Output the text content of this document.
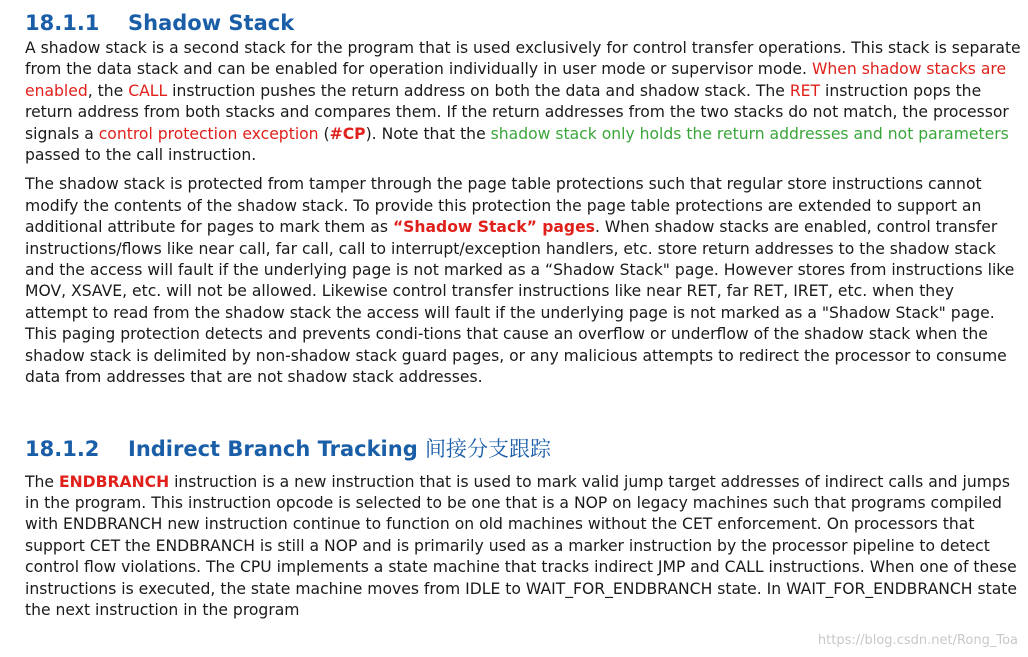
18.1.1 Shadow Stack

A shadow stack is a second stack for the program that is used exclusively for control transfer operations. This stack is separate from the data stack and can be enabled for operation individually in user mode or supervisor mode. When shadow stacks are enabled, the CALL instruction pushes the return address on both the data and shadow stack. The RET instruction pops the return address from both stacks and compares them. If the return addresses from the two stacks do not match, the processor signals a control protection exception (#CP). Note that the shadow stack only holds the return addresses and not parameters passed to the call instruction.

The shadow stack is protected from tamper through the page table protections such that regular store instructions cannot modify the contents of the shadow stack. To provide this protection the page table protections are extended to support an additional attribute for pages to mark them as “Shadow Stack” pages. When shadow stacks are enabled, control transfer instructions/flows like near call, far call, call to interrupt/exception handlers, etc. store return addresses to the shadow stack and the access will fault if the underlying page is not marked as a “Shadow Stack" page. However stores from instructions like MOV, XSAVE, etc. will not be allowed. Likewise control transfer instructions like near RET, far RET, IRET, etc. when they attempt to read from the shadow stack the access will fault if the underlying page is not marked as a "Shadow Stack" page. This paging protection detects and prevents condi-tions that cause an overflow or underflow of the shadow stack when the shadow stack is delimited by non-shadow stack guard pages, or any malicious attempts to redirect the processor to consume data from addresses that are not shadow stack addresses.

18.1.2 Indirect Branch Tracking 间接分支跟踪

The ENDBRANCH instruction is a new instruction that is used to mark valid jump target addresses of indirect calls and jumps in the program. This instruction opcode is selected to be one that is a NOP on legacy machines such that programs compiled with ENDBRANCH new instruction continue to function on old machines without the CET enforcement. On processors that support CET the ENDBRANCH is still a NOP and is primarily used as a marker instruction by the processor pipeline to detect control flow violations. The CPU implements a state machine that tracks indirect JMP and CALL instructions. When one of these instructions is executed, the state machine moves from IDLE to WAIT_FOR_ENDBRANCH state. In WAIT_FOR_ENDBRANCH state the next instruction in the program

https://blog.csdn.net/Rong_Toa
